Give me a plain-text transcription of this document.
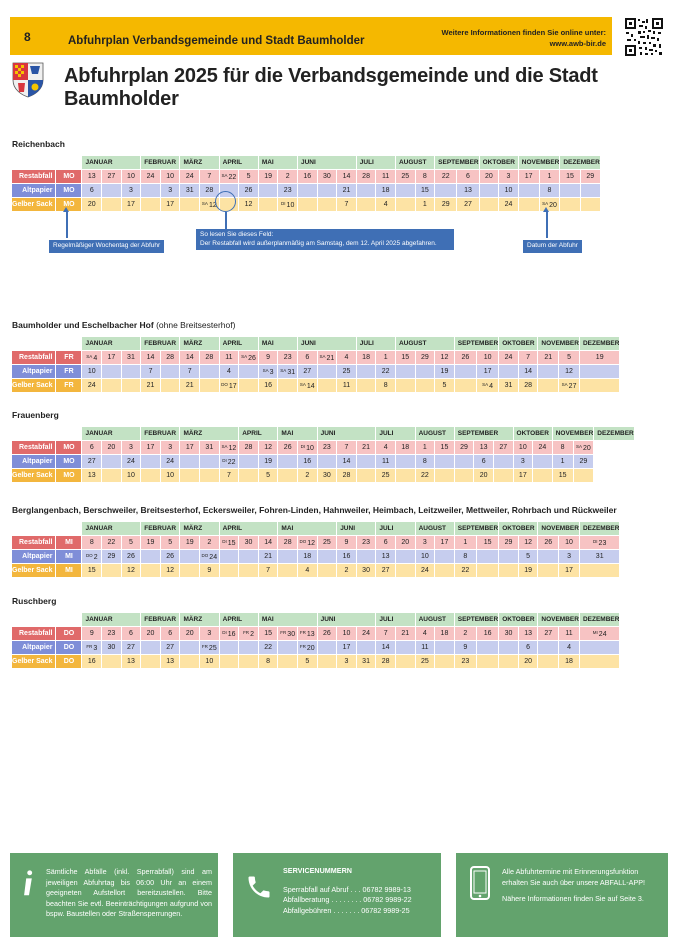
8	Abfuhrplan Verbandsgemeinde und Stadt Baumholder
Weitere Informationen finden Sie online unter:
www.awb-bir.de
Abfuhrplan 2025 für die Verbandsgemeinde und die Stadt Baumholder
Reichenbach
		JANUAR			FEBRUAR		MÄRZ		APRIL		MAI		JUNI			JULI		AUGUST		SEPTEMBER		OKTOBER		NOVEMBER		DEZEMBER	
Restabfall	MO	13	27	10	24	10	24	7	$^{SA}$22	5	19	2	16	30	14	28	11	25	8	22	6	20	3	17	1	15	29
Altpapier	MO	6		3		3	31	28		26		23			21		18		15		13		10		8		
Gelber Sack	MO	20		17		17		$^{SA}$12		12		$^{DI}$10			7		4		1	29	27		24		$^{SA}$20		
Baumholder und Eschelbacher Hof (ohne Breitsesterhof)
		JANUAR			FEBRUAR		MÄRZ		APRIL		MAI		JUNI			JULI		AUGUST			SEPTEMBER		OKTOBER		NOVEMBER		DEZEMBER
Restabfall	FR	$^{SA}$4	17	31	14	28	14	28	11	$^{SA}$26	9	23	6	$^{SA}$21	4	18	1	15	29	12	26	10	24	7	21	5	19
Altpapier	FR	10			7		7		4		$^{SA}$3	$^{SA}$31	27		25		22			19		17		14		12	
Gelber Sack	FR	24			21		21		$^{DO}$17		16		$^{SA}$14		11		8			5		$^{SA}$4	31	28		$^{SA}$27	
Frauenberg
		JANUAR			FEBRUAR		MÄRZ			APRIL		MAI		JUNI			JULI		AUGUST		SEPTEMBER			OKTOBER		NOVEMBER		DEZEMBER
Restabfall	MO	6	20	3	17	3	17	31	$^{SA}$12	28	12	26	$^{DI}$10	23	7	21	4	18	1	15	29	13	27	10	24	8	$^{SA}$20	
Altpapier	MO	27		24		24			$^{DI}$22		19		16		14		11		8			6		3		1	29	
Gelber Sack	MO	13		10		10			7		5		2	30	28		25		22			20		17		15		
Berglangenbach, Berschweiler, Breitsesterhof, Eckersweiler, Fohren-Linden, Hahnweiler, Heimbach, Leitzweiler, Mettweiler, Rohrbach und Rückweiler
		JANUAR			FEBRUAR		MÄRZ		APRIL			MAI			JUNI		JULI		AUGUST		SEPTEMBER		OKTOBER		NOVEMBER		DEZEMBER
Restabfall	MI	8	22	5	19	5	19	2	$^{DI}$15	30	14	28	$^{DO}$12	25	9	23	6	20	3	17	1	15	29	12	26	10	$^{DI}$23
Altpapier	MI	$^{DO}$2	29	26		26		$^{DO}$24			21		18		16		13		10		8			5		3	31
Gelber Sack	MI	15		12		12		9			7		4		2	30	27		24		22			19		17	
Ruschberg
		JANUAR			FEBRUAR		MÄRZ		APRIL		MAI			JUNI			JULI		AUGUST		SEPTEMBER		OKTOBER		NOVEMBER		DEZEMBER
Restabfall	DO	9	23	6	20	6	20	3	$^{DI}$16	$^{FR}$2	15	$^{FR}$30	$^{FR}$13	26	10	24	7	21	4	18	2	16	30	13	27	11	$^{MI}$24
Altpapier	DO	$^{FR}$3	30	27		27		$^{FR}$25			22		$^{FR}$20		17		14		11		9			6		4	
Gelber Sack	DO	16		13		13		10			8		5		3	31	28		25		23			20		18	
Regelmäßiger Wochentag der Abfuhr
So lesen Sie dieses Feld:
Der Restabfall wird außerplanmäßig am Samstag, dem 12. April 2025 abgefahren.	Datum der Abfuhr
Sämtliche Abfälle (inkl. Sperrabfall) sind am jeweiligen Abfuhrtag bis 06:00 Uhr an einem geeigneten Aufstellort bereitzustellen. Bitte beachten Sie evtl. Beeinträchtigungen aufgrund von bspw. Baustellen oder Straßensperrungen.
SERVICENUMMERN
Sperrabfall auf Abruf . . . 06782 9989-13
Abfallberatung . . . . . . . . 06782 9989-22
Abfallgebühren . . . . . . . 06782 9989-25
Alle Abfuhrtermine mit Erinnerungsfunktion erhalten Sie auch über unsere ABFALL-APP!
Nähere Informationen finden Sie auf Seite 3.
